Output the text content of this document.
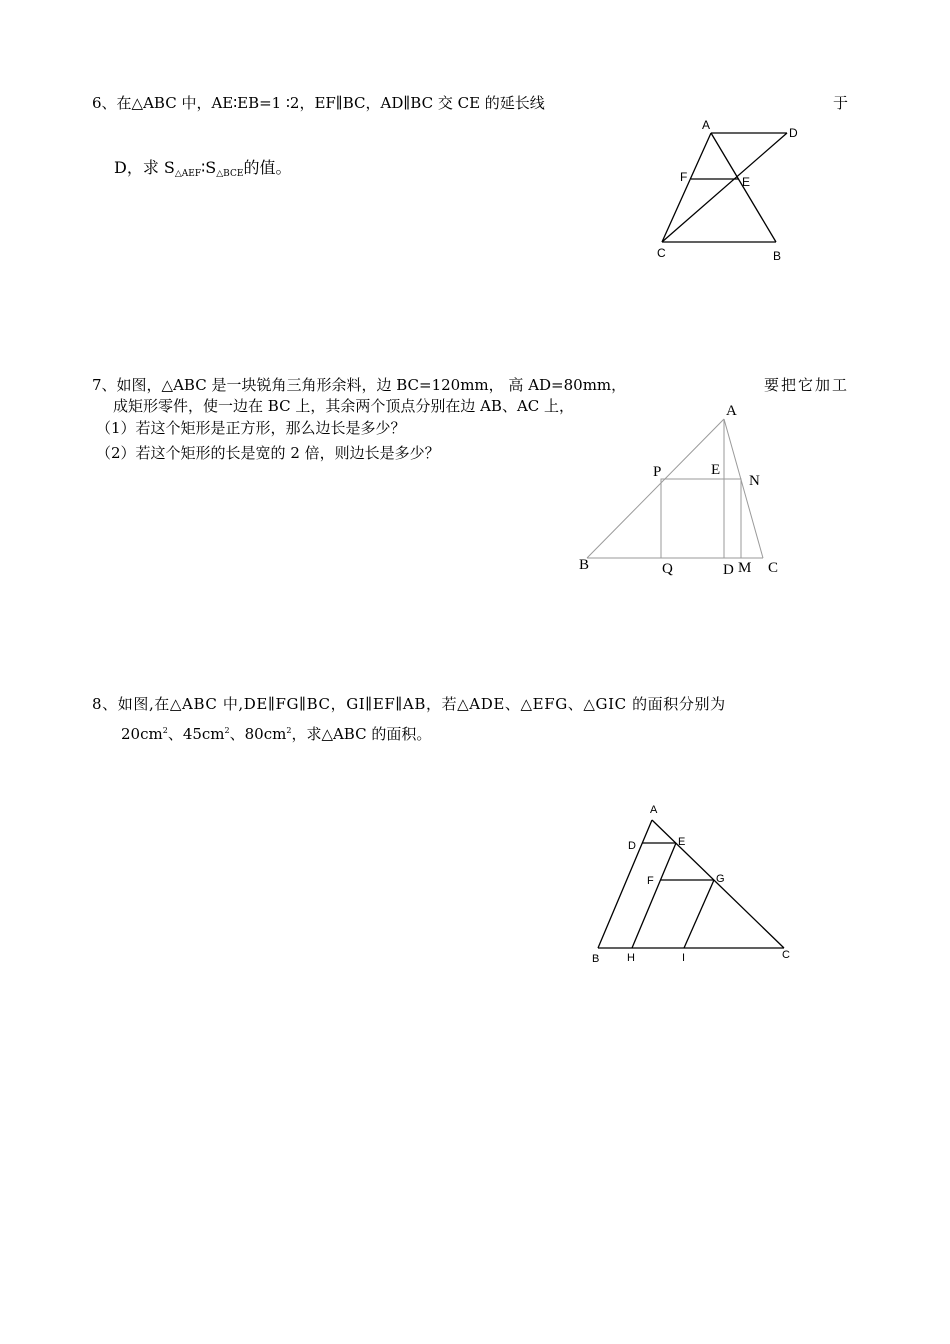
6、在△ABC 中，AE∶EB=1 ∶2，EF∥BC，AD∥BC 交 CE 的延长线	于
D，求 $S_{\triangle AEF}∶S_{\triangle BCE}$的值。
A
D
F	E
C	B
7、如图，△ABC 是一块锐角三角形余料，边 BC=120mm， 高 AD=80mm，	要把它加工
成矩形零件，使一边在 BC 上，其余两个顶点分别在边 AB、AC 上，
（1）若这个矩形是正方形，那么边长是多少？
（2）若这个矩形的长是宽的 2 倍，则边长是多少？
A
P	E
N
B	Q	D M C
8、如图,在△ABC 中,DE∥FG∥BC，GI∥EF∥AB，若△ADE、△EFG、△GIC 的面积分别为
$20cm^2$、$45cm^2$、$80cm^2$，求△ABC 的面积。
A
D	E
F	G
B	H	I	C
